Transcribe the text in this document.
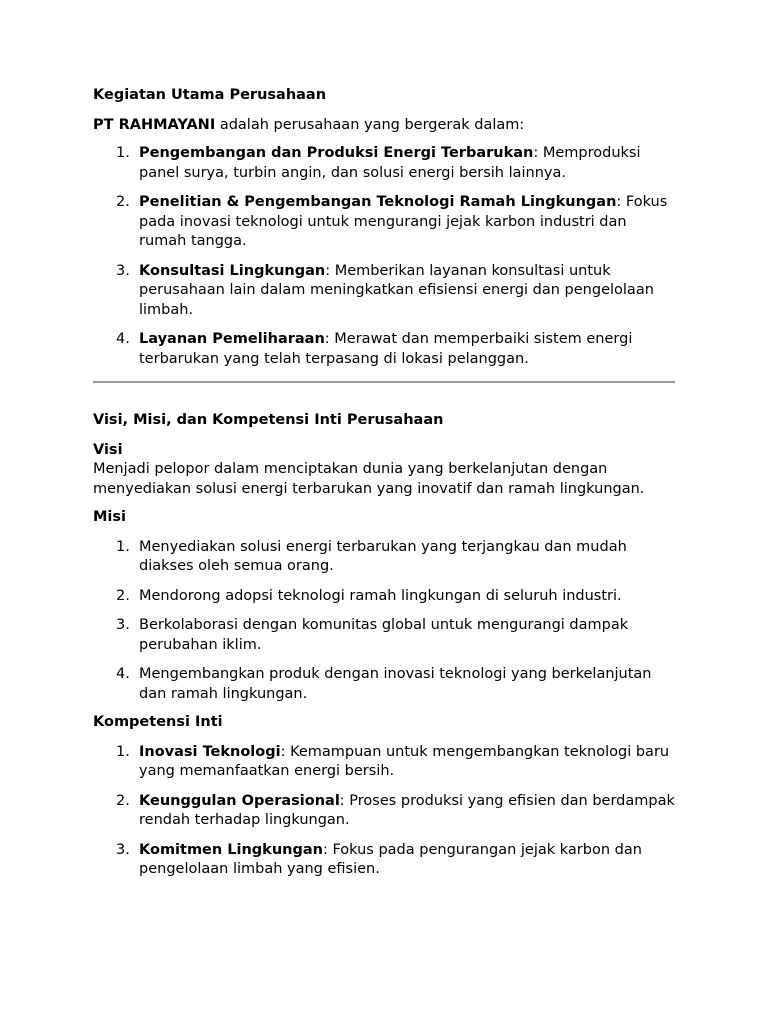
Kegiatan Utama Perusahaan
PT RAHMAYANI adalah perusahaan yang bergerak dalam:
1. Pengembangan dan Produksi Energi Terbarukan: Memproduksi panel surya, turbin angin, dan solusi energi bersih lainnya.
2. Penelitian & Pengembangan Teknologi Ramah Lingkungan: Fokus pada inovasi teknologi untuk mengurangi jejak karbon industri dan rumah tangga.
3. Konsultasi Lingkungan: Memberikan layanan konsultasi untuk perusahaan lain dalam meningkatkan efisiensi energi dan pengelolaan limbah.
4. Layanan Pemeliharaan: Merawat dan memperbaiki sistem energi terbarukan yang telah terpasang di lokasi pelanggan.
Visi, Misi, dan Kompetensi Inti Perusahaan
Visi
Menjadi pelopor dalam menciptakan dunia yang berkelanjutan dengan menyediakan solusi energi terbarukan yang inovatif dan ramah lingkungan.
Misi
1. Menyediakan solusi energi terbarukan yang terjangkau dan mudah diakses oleh semua orang.
2. Mendorong adopsi teknologi ramah lingkungan di seluruh industri.
3. Berkolaborasi dengan komunitas global untuk mengurangi dampak perubahan iklim.
4. Mengembangkan produk dengan inovasi teknologi yang berkelanjutan dan ramah lingkungan.
Kompetensi Inti
1. Inovasi Teknologi: Kemampuan untuk mengembangkan teknologi baru yang memanfaatkan energi bersih.
2. Keunggulan Operasional: Proses produksi yang efisien dan berdampak rendah terhadap lingkungan.
3. Komitmen Lingkungan: Fokus pada pengurangan jejak karbon dan pengelolaan limbah yang efisien.
